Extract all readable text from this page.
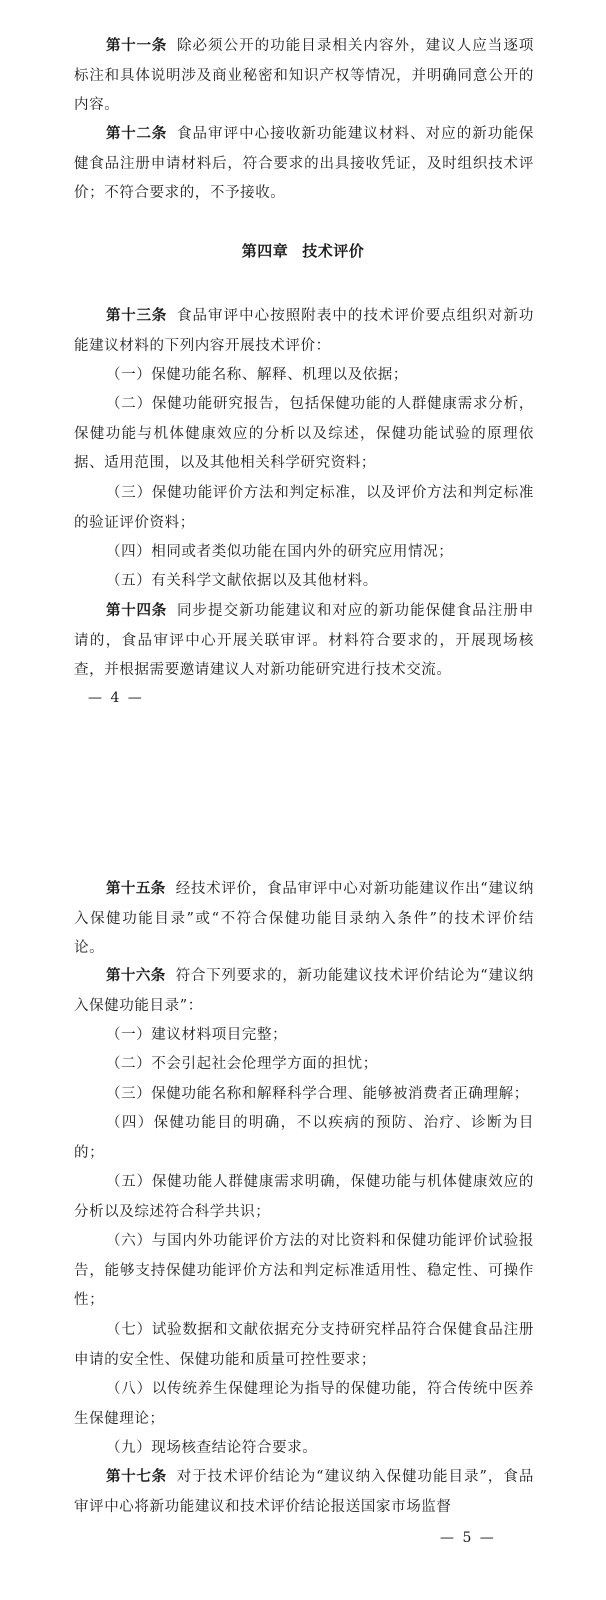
第十一条 除必须公开的功能目录相关内容外，建议人应当逐项标注和具体说明涉及商业秘密和知识产权等情况，并明确同意公开的内容。

第十二条 食品审评中心接收新功能建议材料、对应的新功能保健食品注册申请材料后，符合要求的出具接收凭证，及时组织技术评价；不符合要求的，不予接收。

第四章 技术评价

第十三条 食品审评中心按照附表中的技术评价要点组织对新功能建议材料的下列内容开展技术评价：

（一）保健功能名称、解释、机理以及依据；

（二）保健功能研究报告，包括保健功能的人群健康需求分析，保健功能与机体健康效应的分析以及综述，保健功能试验的原理依据、适用范围，以及其他相关科学研究资料；

（三）保健功能评价方法和判定标准，以及评价方法和判定标准的验证评价资料；

（四）相同或者类似功能在国内外的研究应用情况；

（五）有关科学文献依据以及其他材料。

第十四条 同步提交新功能建议和对应的新功能保健食品注册申请的，食品审评中心开展关联审评。材料符合要求的，开展现场核查，并根据需要邀请建议人对新功能研究进行技术交流。

— 4 —

第十五条 经技术评价，食品审评中心对新功能建议作出“建议纳入保健功能目录”或“不符合保健功能目录纳入条件”的技术评价结论。

第十六条 符合下列要求的，新功能建议技术评价结论为“建议纳入保健功能目录”：

（一）建议材料项目完整；

（二）不会引起社会伦理学方面的担忧；

（三）保健功能名称和解释科学合理、能够被消费者正确理解；

（四）保健功能目的明确，不以疾病的预防、治疗、诊断为目的；

（五）保健功能人群健康需求明确，保健功能与机体健康效应的分析以及综述符合科学共识；

（六）与国内外功能评价方法的对比资料和保健功能评价试验报告，能够支持保健功能评价方法和判定标准适用性、稳定性、可操作性；

（七）试验数据和文献依据充分支持研究样品符合保健食品注册申请的安全性、保健功能和质量可控性要求；

（八）以传统养生保健理论为指导的保健功能，符合传统中医养生保健理论；

（九）现场核查结论符合要求。

第十七条 对于技术评价结论为“建议纳入保健功能目录”，食品审评中心将新功能建议和技术评价结论报送国家市场监督

— 5 —
